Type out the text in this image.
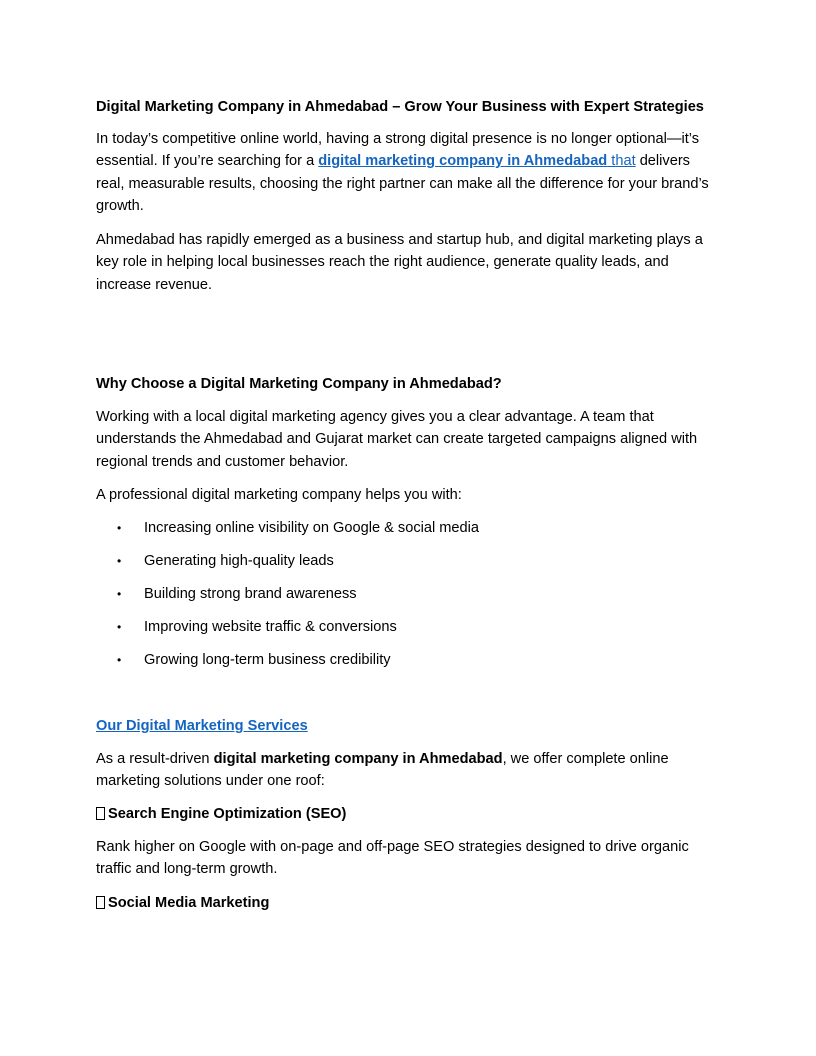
Digital Marketing Company in Ahmedabad – Grow Your Business with Expert Strategies

In today’s competitive online world, having a strong digital presence is no longer optional—it’s essential. If you’re searching for a digital marketing company in Ahmedabad that delivers real, measurable results, choosing the right partner can make all the difference for your brand’s growth.

Ahmedabad has rapidly emerged as a business and startup hub, and digital marketing plays a key role in helping local businesses reach the right audience, generate quality leads, and increase revenue.

Why Choose a Digital Marketing Company in Ahmedabad?

Working with a local digital marketing agency gives you a clear advantage. A team that understands the Ahmedabad and Gujarat market can create targeted campaigns aligned with regional trends and customer behavior.

A professional digital marketing company helps you with:

• Increasing online visibility on Google & social media
• Generating high-quality leads
• Building strong brand awareness
• Improving website traffic & conversions
• Growing long-term business credibility

Our Digital Marketing Services

As a result-driven digital marketing company in Ahmedabad, we offer complete online marketing solutions under one roof:

Search Engine Optimization (SEO)

Rank higher on Google with on-page and off-page SEO strategies designed to drive organic traffic and long-term growth.

Social Media Marketing
